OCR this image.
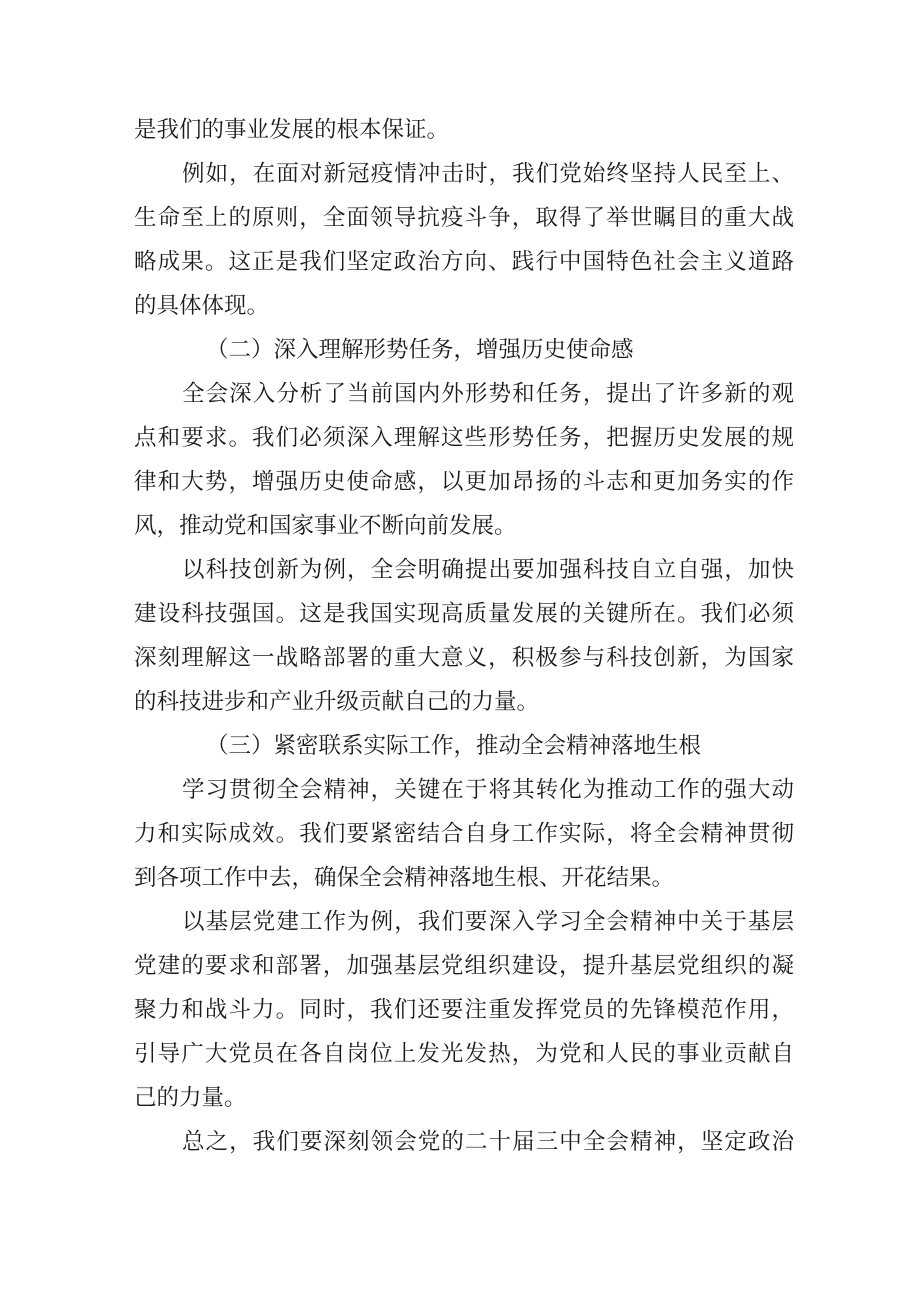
是我们的事业发展的根本保证。
例如，在面对新冠疫情冲击时，我们党始终坚持人民至上、
生命至上的原则，全面领导抗疫斗争，取得了举世瞩目的重大战
略成果。这正是我们坚定政治方向、践行中国特色社会主义道路
的具体体现。
（二）深入理解形势任务，增强历史使命感
全会深入分析了当前国内外形势和任务，提出了许多新的观
点和要求。我们必须深入理解这些形势任务，把握历史发展的规
律和大势，增强历史使命感，以更加昂扬的斗志和更加务实的作
风，推动党和国家事业不断向前发展。
以科技创新为例，全会明确提出要加强科技自立自强，加快
建设科技强国。这是我国实现高质量发展的关键所在。我们必须
深刻理解这一战略部署的重大意义，积极参与科技创新，为国家
的科技进步和产业升级贡献自己的力量。
（三）紧密联系实际工作，推动全会精神落地生根
学习贯彻全会精神，关键在于将其转化为推动工作的强大动
力和实际成效。我们要紧密结合自身工作实际，将全会精神贯彻
到各项工作中去，确保全会精神落地生根、开花结果。
以基层党建工作为例，我们要深入学习全会精神中关于基层
党建的要求和部署，加强基层党组织建设，提升基层党组织的凝
聚力和战斗力。同时，我们还要注重发挥党员的先锋模范作用，
引导广大党员在各自岗位上发光发热，为党和人民的事业贡献自
己的力量。
总之，我们要深刻领会党的二十届三中全会精神，坚定政治
